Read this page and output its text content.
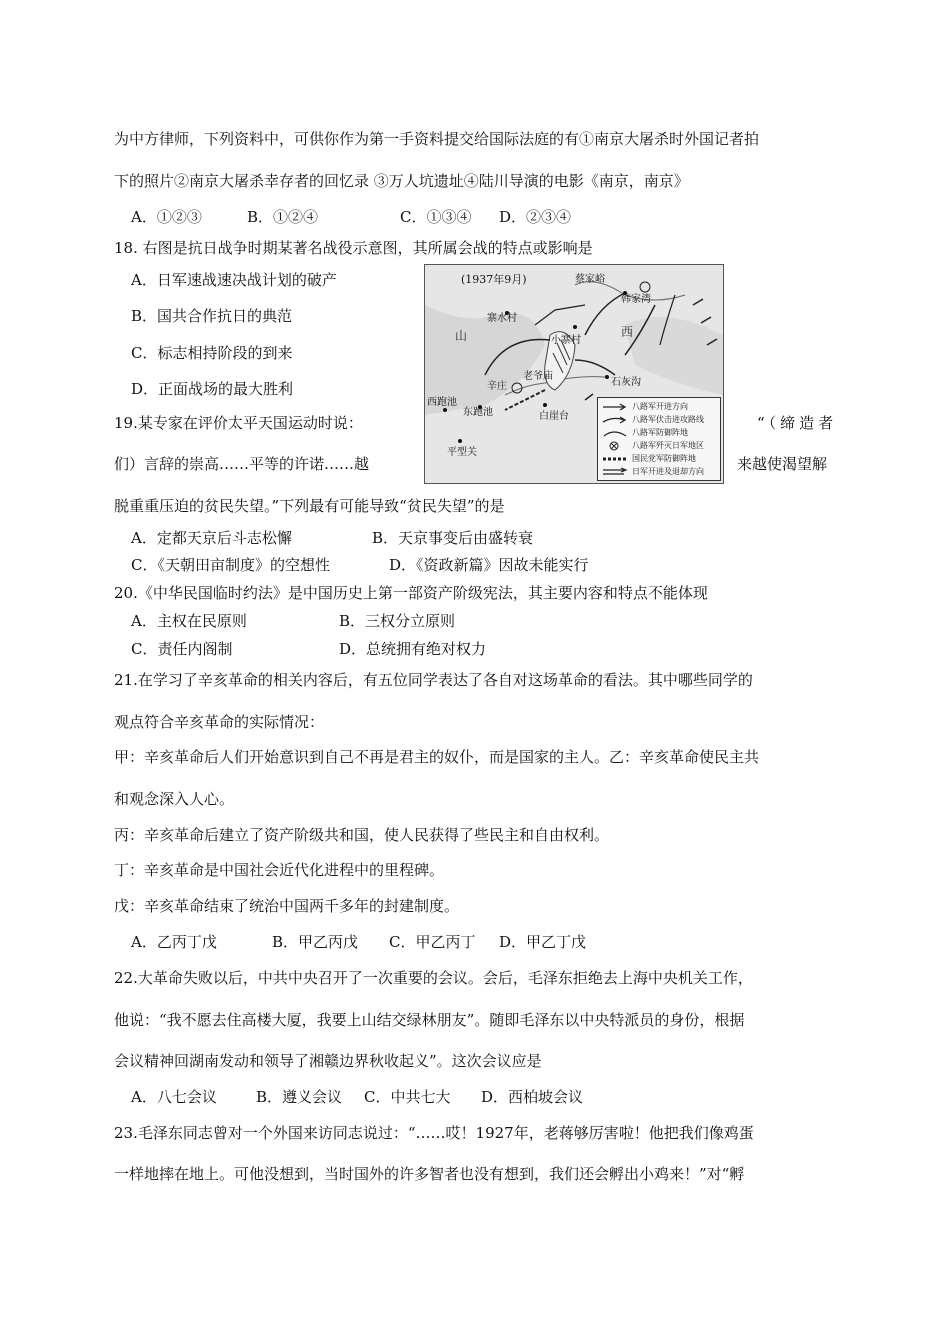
为中方律师，下列资料中，可供你作为第一手资料提交给国际法庭的有①南京大屠杀时外国记者拍
下的照片②南京大屠杀幸存者的回忆录 ③万人坑遗址④陆川导演的电影《南京，南京》
A．①②③	B．①②④	C．①③④ D．②③④
18. 右图是抗日战争时期某著名战役示意图，其所属会战的特点或影响是
A．日军速战速决战计划的破产
B．国共合作抗日的典范
C．标志相持阶段的到来
D．正面战场的最大胜利
(1937年9月)	蔡家峪
韩家湾
寨水村
小寨村
山	西
老爷庙
辛庄	石灰沟
西跑池
东跑池	白崖台
平型关
八路军开进方向
八路军伏击进攻路线
八路军防御阵地
八路军歼灭日军地区
国民党军防御阵地
日军开进及退却方向
19.某专家在评价太平天国运动时说：	“（缔造者
们）言辞的崇高……平等的许诺……越	来越使渴望解
脱重重压迫的贫民失望。”下列最有可能导致“贫民失望”的是
A．定都天京后斗志松懈	B．天京事变后由盛转衰
C．《天朝田亩制度》的空想性	D．《资政新篇》因故未能实行
20.《中华民国临时约法》是中国历史上第一部资产阶级宪法，其主要内容和特点不能体现
A．主权在民原则	B．三权分立原则
C．责任内阁制	D．总统拥有绝对权力
21.在学习了辛亥革命的相关内容后，有五位同学表达了各自对这场革命的看法。其中哪些同学的
观点符合辛亥革命的实际情况：
甲：辛亥革命后人们开始意识到自己不再是君主的奴仆，而是国家的主人。乙：辛亥革命使民主共
和观念深入人心。
丙：辛亥革命后建立了资产阶级共和国，使人民获得了些民主和自由权利。
丁：辛亥革命是中国社会近代化进程中的里程碑。
戊：辛亥革命结束了统治中国两千多年的封建制度。
A．乙丙丁戊	B．甲乙丙戊 C．甲乙丙丁 D．甲乙丁戊
22.大革命失败以后，中共中央召开了一次重要的会议。会后，毛泽东拒绝去上海中央机关工作，
他说：“我不愿去住高楼大厦，我要上山结交绿林朋友”。随即毛泽东以中央特派员的身份，根据
会议精神回湖南发动和领导了湘赣边界秋收起义”。这次会议应是
A．八七会议	B．遵义会议 C．中共七大 D．西柏坡会议
23.毛泽东同志曾对一个外国来访同志说过：“……哎！1927年，老蒋够厉害啦！他把我们像鸡蛋
一样地摔在地上。可他没想到，当时国外的许多智者也没有想到，我们还会孵出小鸡来！”对“孵
